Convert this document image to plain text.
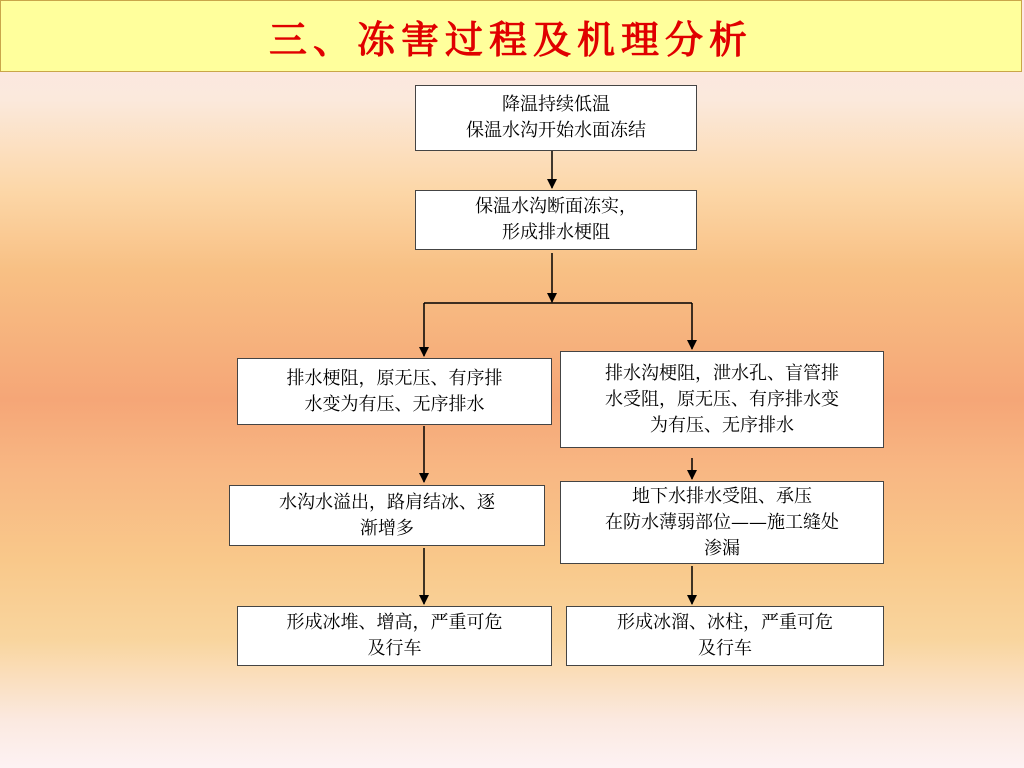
三、冻害过程及机理分析
降温持续低温
保温水沟开始水面冻结
保温水沟断面冻实，
形成排水梗阻
排水梗阻，原无压、有序排
水变为有压、无序排水
排水沟梗阻，泄水孔、盲管排
水受阻，原无压、有序排水变
为有压、无序排水
水沟水溢出，路肩结冰、逐
渐增多
地下水排水受阻、承压
在防水薄弱部位——施工缝处
渗漏
形成冰堆、增高，严重可危
及行车
形成冰溜、冰柱，严重可危
及行车
